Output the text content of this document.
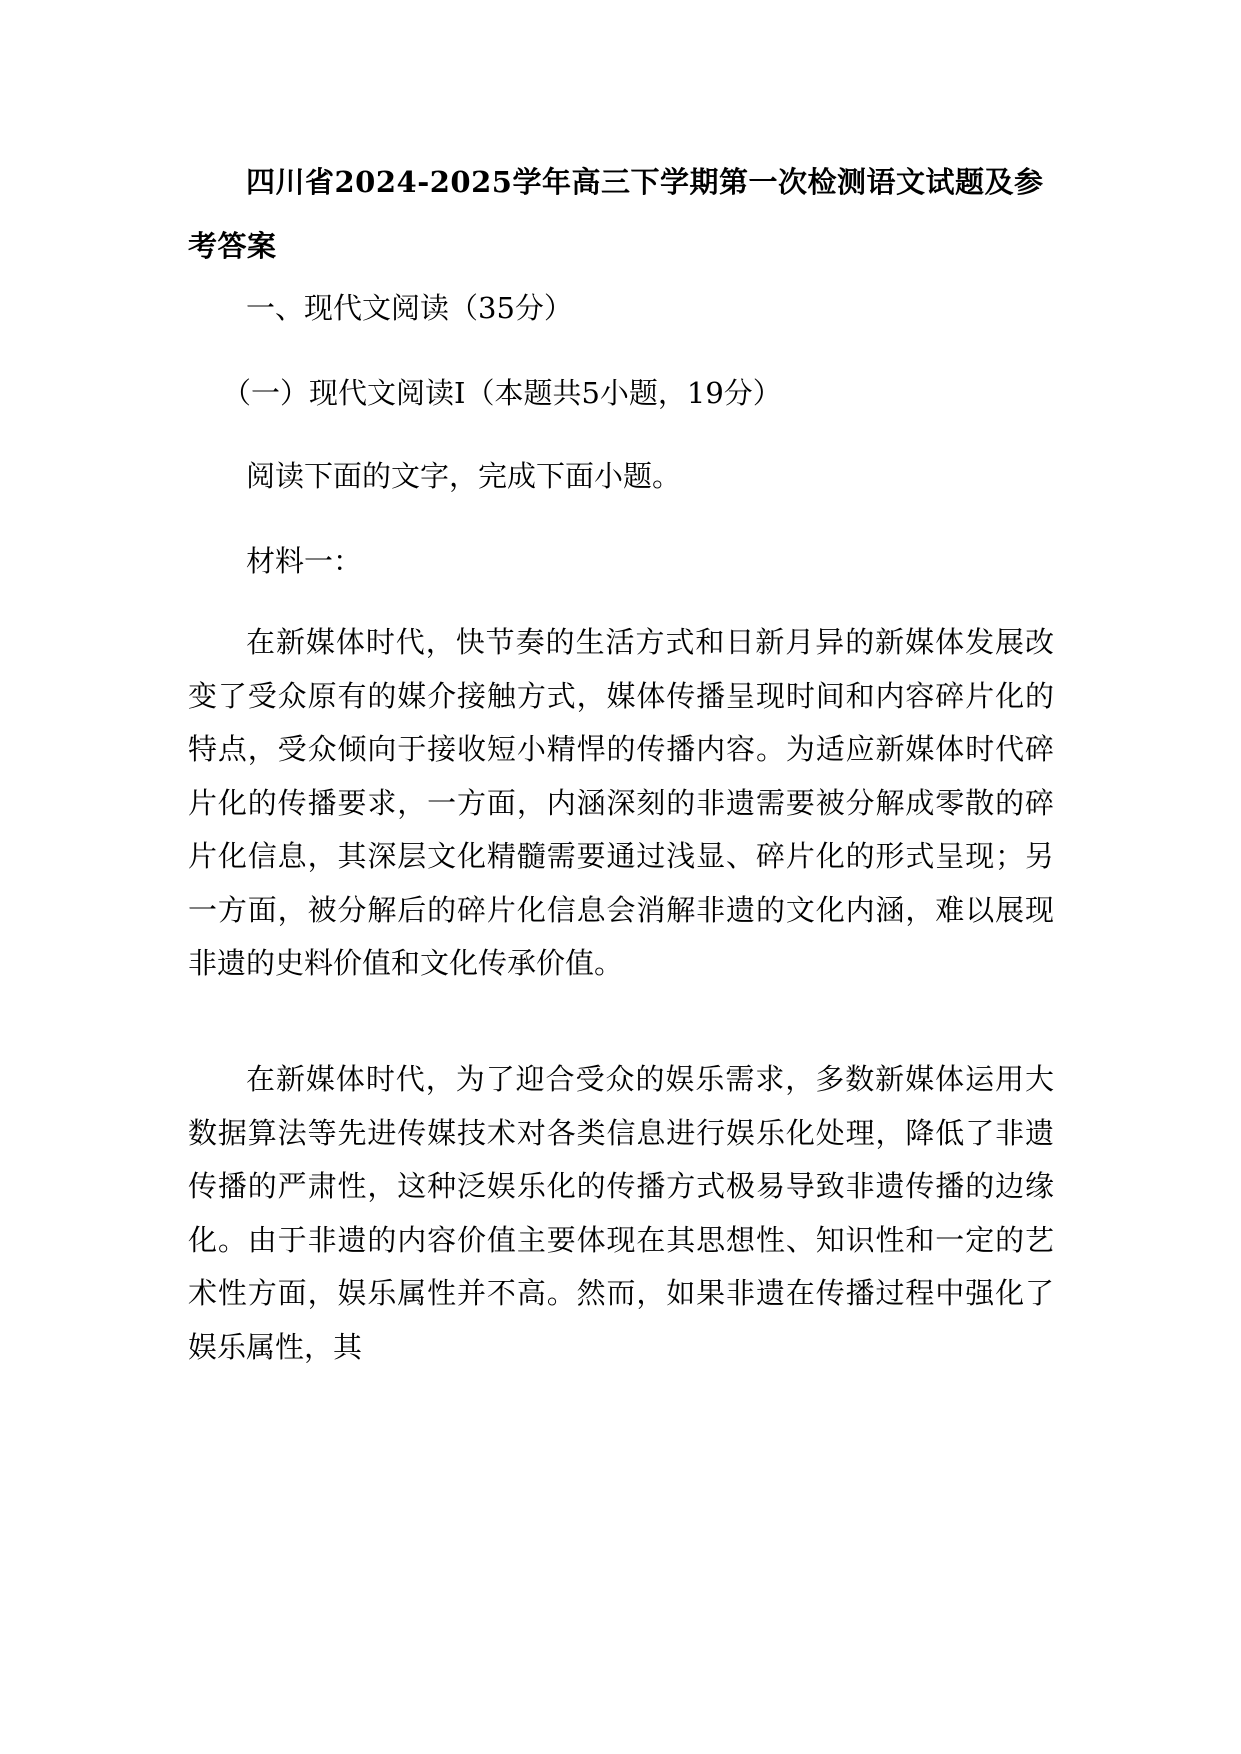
四川省2024-2025学年高三下学期第一次检测语文试题及参考答案
一、现代文阅读（35分）
（一）现代文阅读Ⅰ（本题共5小题，19分）
阅读下面的文字，完成下面小题。
材料一：
在新媒体时代，快节奏的生活方式和日新月异的新媒体发展改变了受众原有的媒介接触方式，媒体传播呈现时间和内容碎片化的特点，受众倾向于接收短小精悍的传播内容。为适应新媒体时代碎片化的传播要求，一方面，内涵深刻的非遗需要被分解成零散的碎片化信息，其深层文化精髓需要通过浅显、碎片化的形式呈现；另一方面，被分解后的碎片化信息会消解非遗的文化内涵，难以展现非遗的史料价值和文化传承价值。
在新媒体时代，为了迎合受众的娱乐需求，多数新媒体运用大数据算法等先进传媒技术对各类信息进行娱乐化处理，降低了非遗传播的严肃性，这种泛娱乐化的传播方式极易导致非遗传播的边缘化。由于非遗的内容价值主要体现在其思想性、知识性和一定的艺术性方面，娱乐属性并不高。然而，如果非遗在传播过程中强化了娱乐属性，其
